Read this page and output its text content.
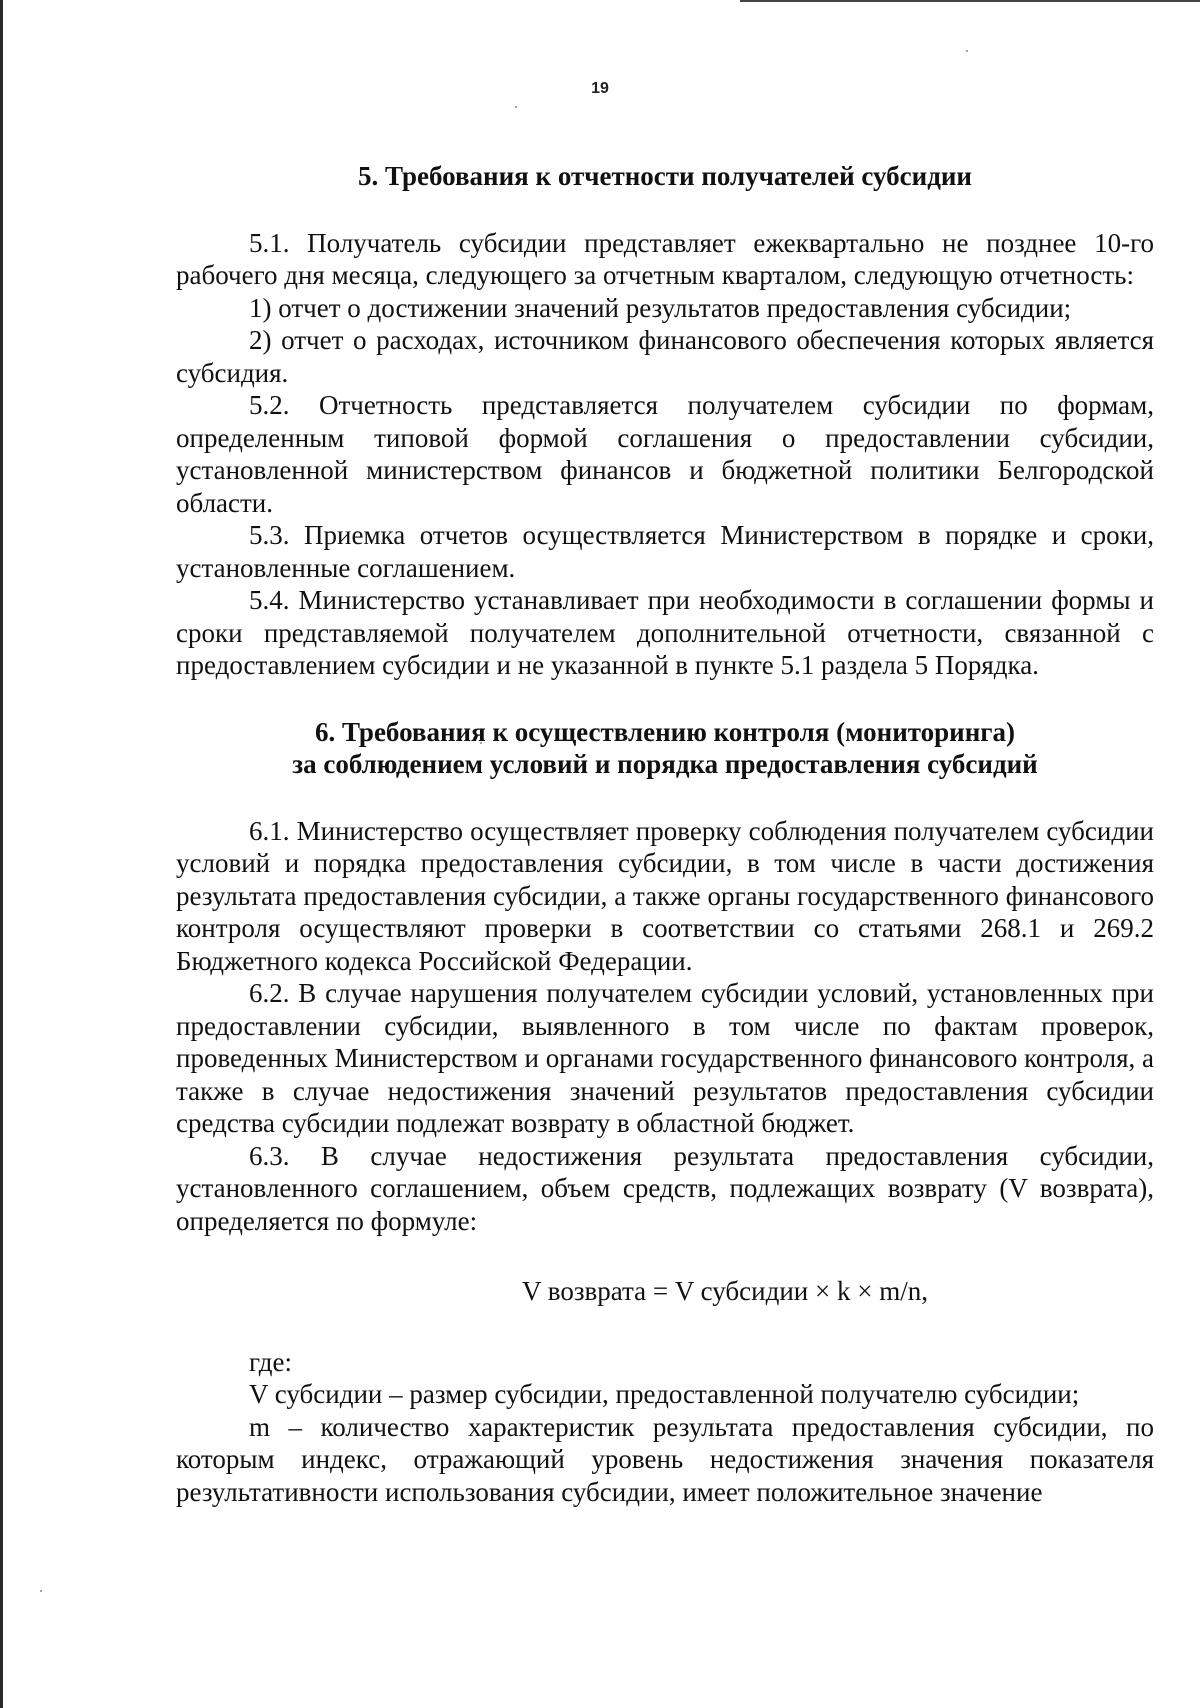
19
5. Требования к отчетности получателей субсидии

5.1. Получатель субсидии представляет ежеквартально не позднее 10-го рабочего дня месяца, следующего за отчетным кварталом, следующую отчетность:

1) отчет о достижении значений результатов предоставления субсидии;

2) отчет о расходах, источником финансового обеспечения которых является субсидия.

5.2. Отчетность представляется получателем субсидии по формам, определенным типовой формой соглашения о предоставлении субсидии, установленной министерством финансов и бюджетной политики Белгородской области.

5.3. Приемка отчетов осуществляется Министерством в порядке и сроки, установленные соглашением.

5.4. Министерство устанавливает при необходимости в соглашении формы и сроки представляемой получателем дополнительной отчетности, связанной с предоставлением субсидии и не указанной в пункте 5.1 раздела 5 Порядка.

6. Требования к осуществлению контроля (мониторинга)
за соблюдением условий и порядка предоставления субсидий

6.1. Министерство осуществляет проверку соблюдения получателем субсидии условий и порядка предоставления субсидии, в том числе в части достижения результата предоставления субсидии, а также органы государственного финансового контроля осуществляют проверки в соответствии со статьями 268.1 и 269.2 Бюджетного кодекса Российской Федерации.

6.2. В случае нарушения получателем субсидии условий, установленных при предоставлении субсидии, выявленного в том числе по фактам проверок, проведенных Министерством и органами государственного финансового контроля, а также в случае недостижения значений результатов предоставления субсидии средства субсидии подлежат возврату в областной бюджет.

6.3. В случае недостижения результата предоставления субсидии, установленного соглашением, объем средств, подлежащих возврату (V возврата), определяется по формуле:

V возврата = V субсидии × k × m/n,

где:

V субсидии – размер субсидии, предоставленной получателю субсидии;

m – количество характеристик результата предоставления субсидии, по которым индекс, отражающий уровень недостижения значения показателя результативности использования субсидии, имеет положительное значение
